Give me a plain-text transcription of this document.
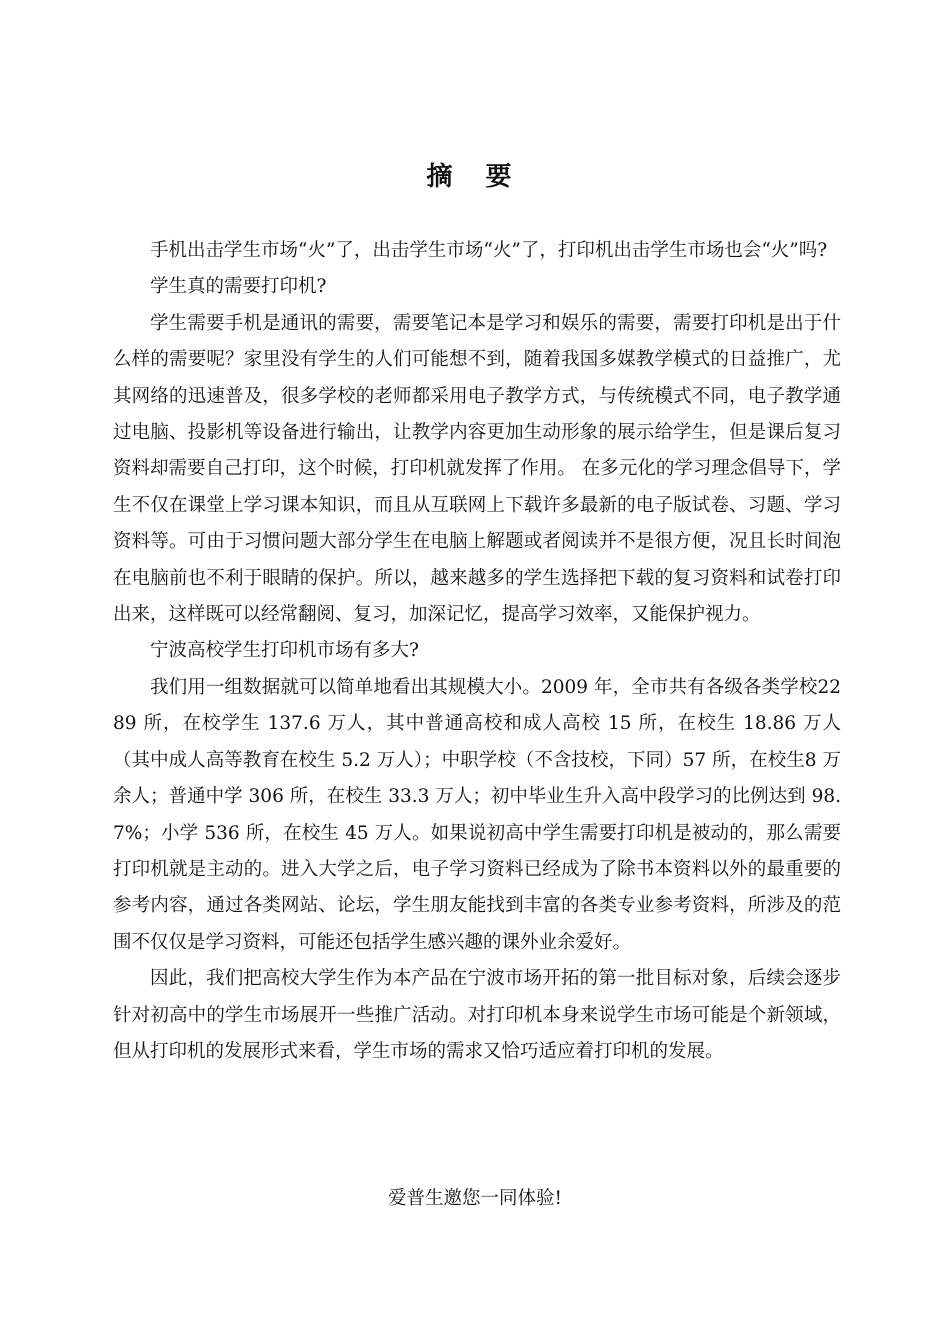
摘 要

手机出击学生市场“火”了，出击学生市场“火”了，打印机出击学生市场也会“火”吗?

学生真的需要打印机?

学生需要手机是通讯的需要，需要笔记本是学习和娱乐的需要，需要打印机是出于什么样的需要呢？家里没有学生的人们可能想不到，随着我国多媒教学模式的日益推广，尤其网络的迅速普及，很多学校的老师都采用电子教学方式，与传统模式不同，电子教学通过电脑、投影机等设备进行输出，让教学内容更加生动形象的展示给学生，但是课后复习资料却需要自己打印，这个时候，打印机就发挥了作用。 在多元化的学习理念倡导下，学生不仅在课堂上学习课本知识，而且从互联网上下载许多最新的电子版试卷、习题、学习资料等。可由于习惯问题大部分学生在电脑上解题或者阅读并不是很方便，况且长时间泡在电脑前也不利于眼睛的保护。所以，越来越多的学生选择把下载的复习资料和试卷打印出来，这样既可以经常翻阅、复习，加深记忆，提高学习效率，又能保护视力。

宁波高校学生打印机市场有多大?

我们用一组数据就可以简单地看出其规模大小。2009 年，全市共有各级各类学校2289 所，在校学生 137.6 万人，其中普通高校和成人高校 15 所，在校生 18.86 万人（其中成人高等教育在校生 5.2 万人）；中职学校（不含技校，下同）57 所，在校生8 万余人；普通中学 306 所，在校生 33.3 万人；初中毕业生升入高中段学习的比例达到 98.7%；小学 536 所，在校生 45 万人。如果说初高中学生需要打印机是被动的，那么需要打印机就是主动的。进入大学之后，电子学习资料已经成为了除书本资料以外的最重要的参考内容，通过各类网站、论坛，学生朋友能找到丰富的各类专业参考资料，所涉及的范围不仅仅是学习资料，可能还包括学生感兴趣的课外业余爱好。

因此，我们把高校大学生作为本产品在宁波市场开拓的第一批目标对象，后续会逐步针对初高中的学生市场展开一些推广活动。对打印机本身来说学生市场可能是个新领域，但从打印机的发展形式来看，学生市场的需求又恰巧适应着打印机的发展。

爱普生邀您一同体验!
